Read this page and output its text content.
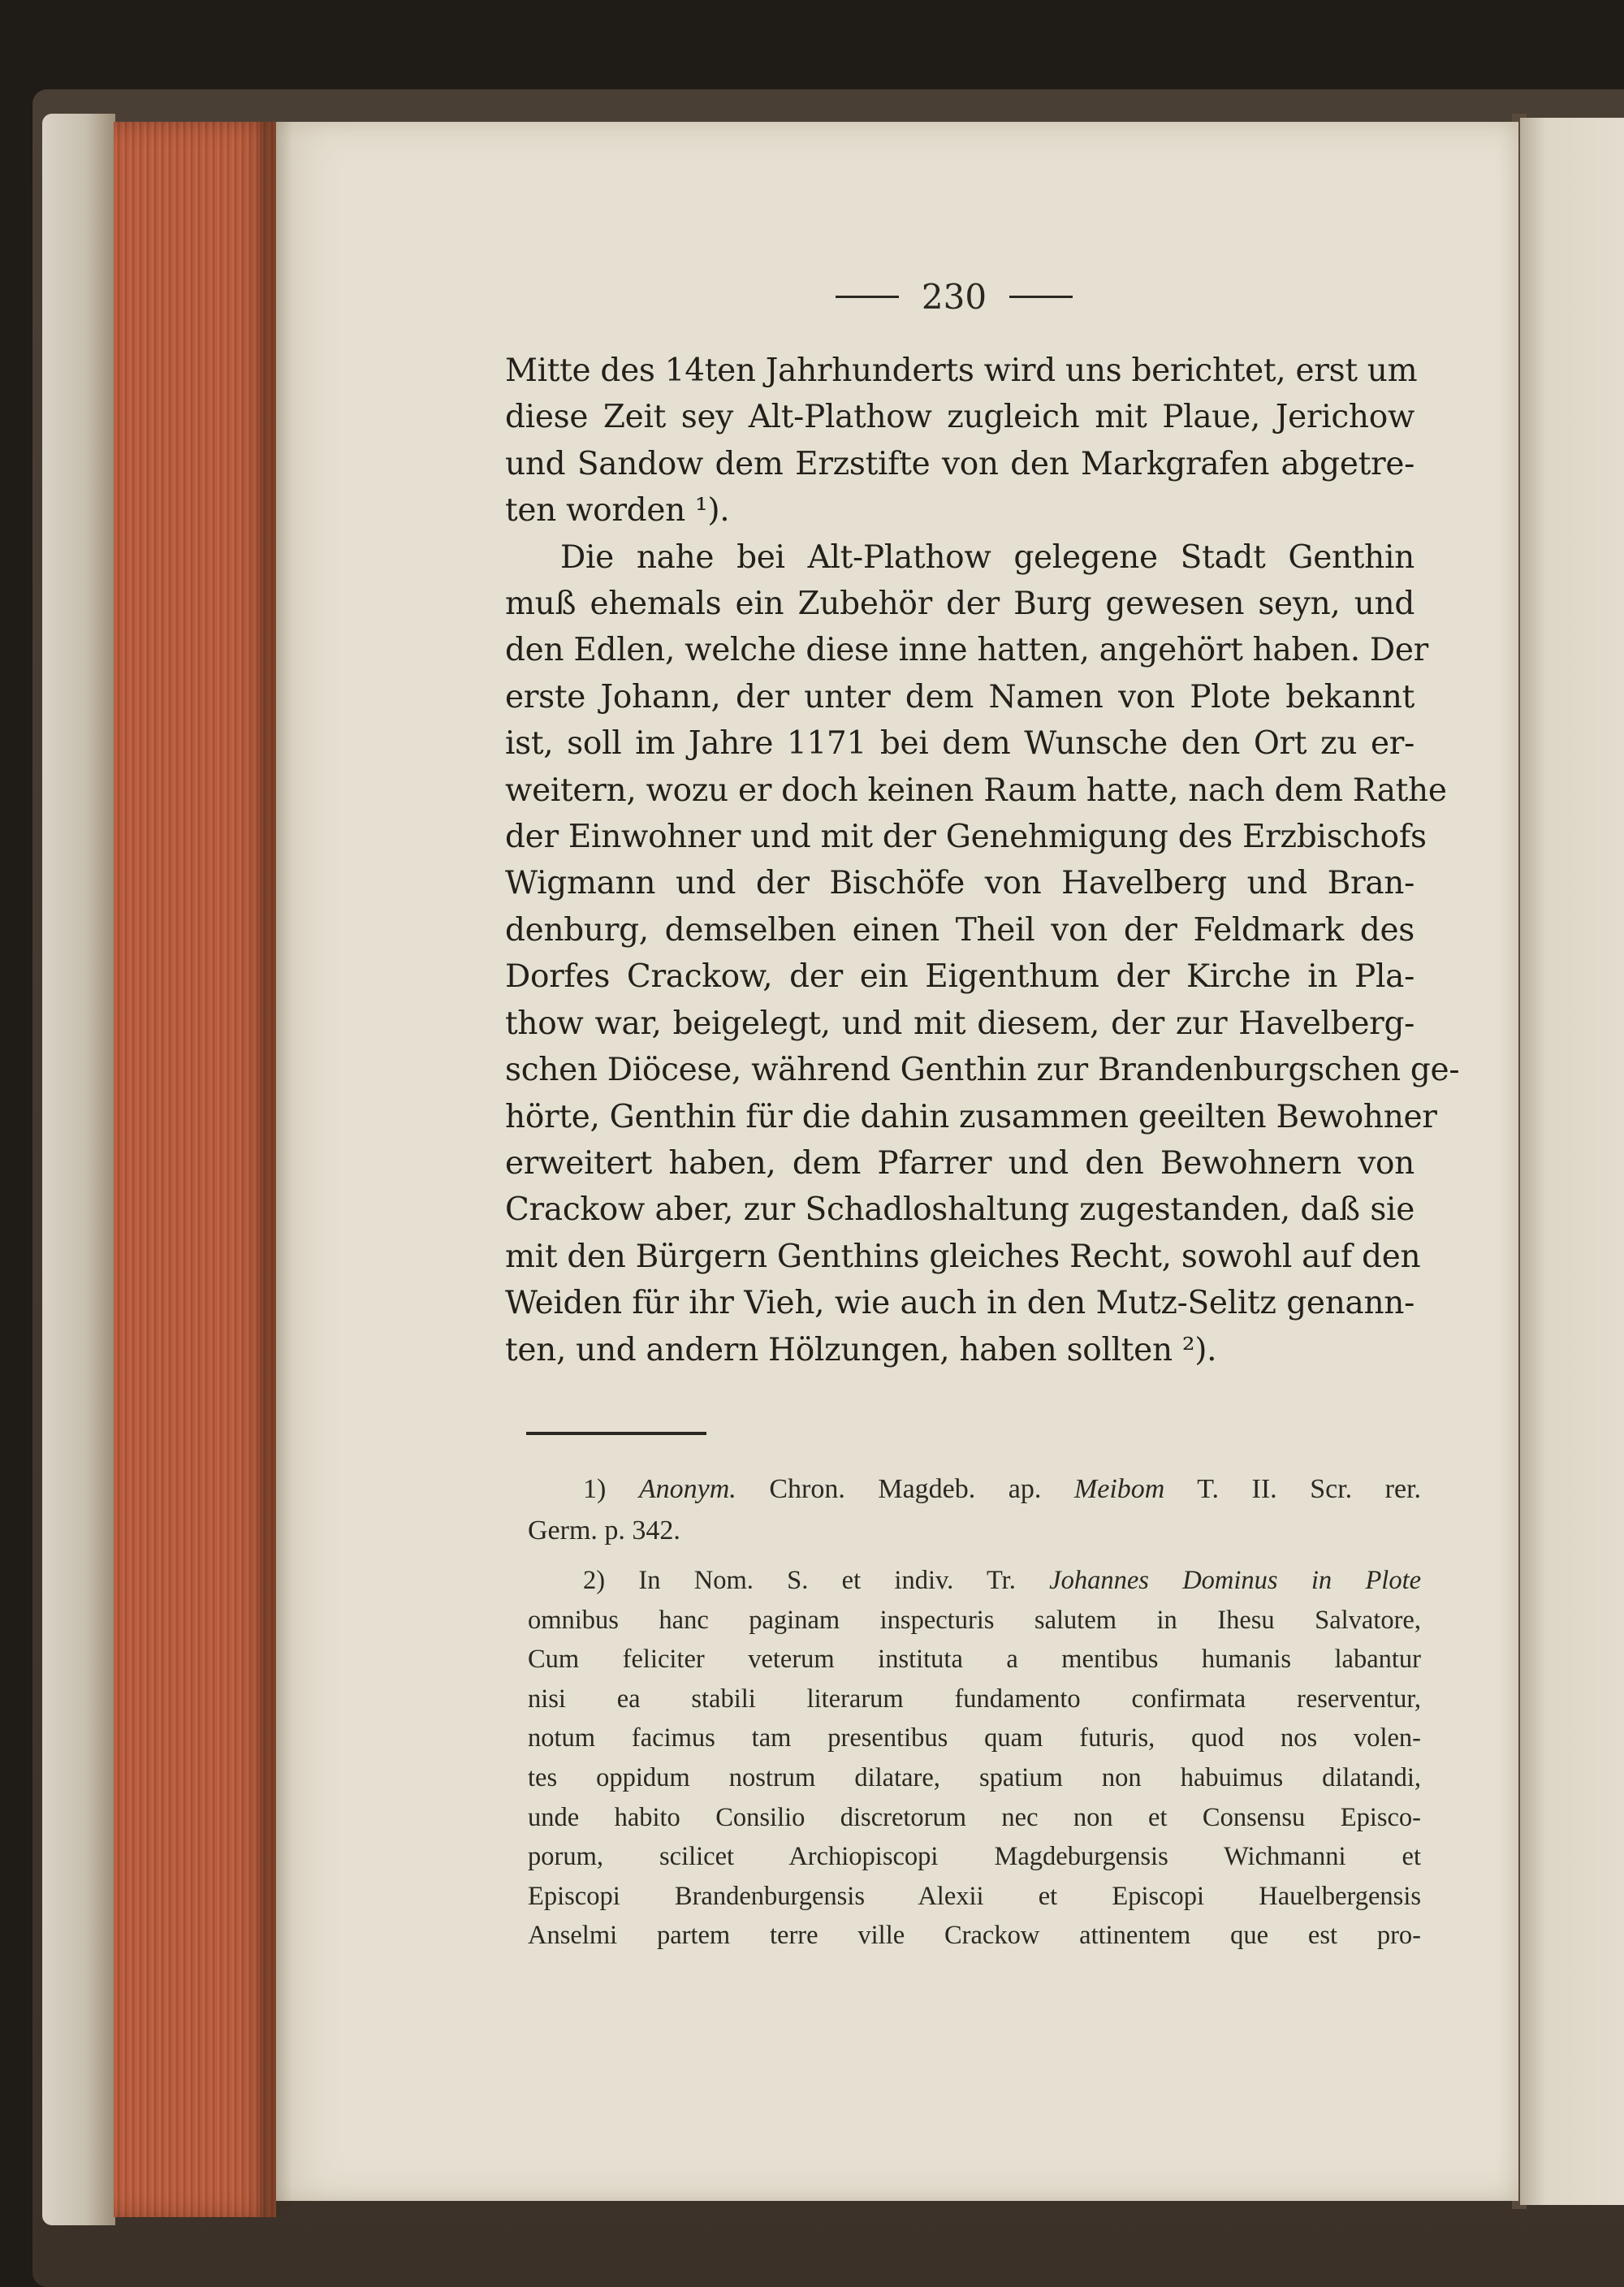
230
Mitte des 14ten Jahrhunderts wird uns berichtet, erst um
diese Zeit sey Alt-Plathow zugleich mit Plaue, Jerichow
und Sandow dem Erzstifte von den Markgrafen abgetre-
ten worden ¹).
Die nahe bei Alt-Plathow gelegene Stadt Genthin
muß ehemals ein Zubehör der Burg gewesen seyn, und
den Edlen, welche diese inne hatten, angehört haben. Der
erste Johann, der unter dem Namen von Plote bekannt
ist, soll im Jahre 1171 bei dem Wunsche den Ort zu er-
weitern, wozu er doch keinen Raum hatte, nach dem Rathe
der Einwohner und mit der Genehmigung des Erzbischofs
Wigmann und der Bischöfe von Havelberg und Bran-
denburg, demselben einen Theil von der Feldmark des
Dorfes Crackow, der ein Eigenthum der Kirche in Pla-
thow war, beigelegt, und mit diesem, der zur Havelberg-
schen Diöcese, während Genthin zur Brandenburgschen ge-
hörte, Genthin für die dahin zusammen geeilten Bewohner
erweitert haben, dem Pfarrer und den Bewohnern von
Crackow aber, zur Schadloshaltung zugestanden, daß sie
mit den Bürgern Genthins gleiches Recht, sowohl auf den
Weiden für ihr Vieh, wie auch in den Mutz-Selitz genann-
ten, und andern Hölzungen, haben sollten ²).
1) Anonym. Chron. Magdeb. ap. Meibom T. II. Scr. rer.
Germ. p. 342.
2) In Nom. S. et indiv. Tr. Johannes Dominus in Plote
omnibus hanc paginam inspecturis salutem in Ihesu Salvatore,
Cum feliciter veterum instituta a mentibus humanis labantur
nisi ea stabili literarum fundamento confirmata reserventur,
notum facimus tam presentibus quam futuris, quod nos volen-
tes oppidum nostrum dilatare, spatium non habuimus dilatandi,
unde habito Consilio discretorum nec non et Consensu Episco-
porum, scilicet Archiopiscopi Magdeburgensis Wichmanni et
Episcopi Brandenburgensis Alexii et Episcopi Hauelbergensis
Anselmi partem terre ville Crackow attinentem que est pro-
